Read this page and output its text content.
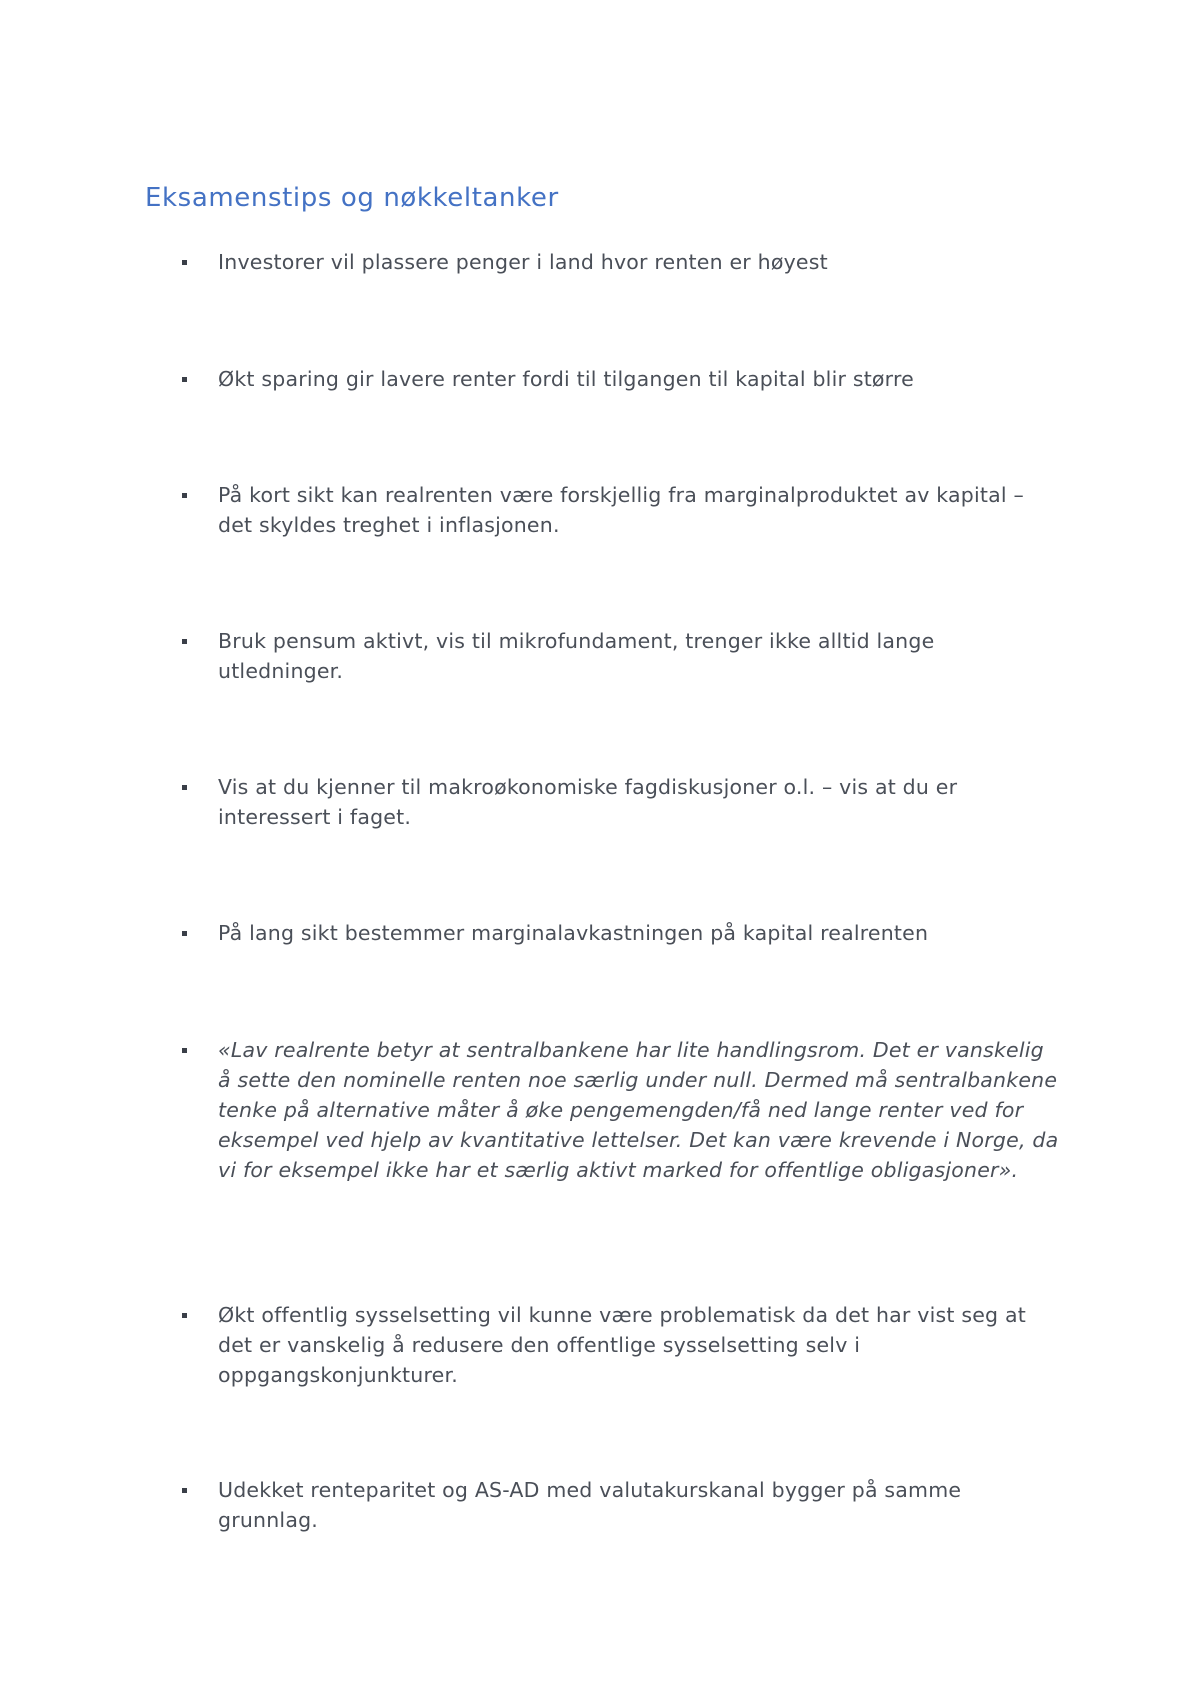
Eksamenstips og nøkkeltanker
Investorer vil plassere penger i land hvor renten er høyest
Økt sparing gir lavere renter fordi til tilgangen til kapital blir større
På kort sikt kan realrenten være forskjellig fra marginalproduktet av kapital – det skyldes treghet i inflasjonen.
Bruk pensum aktivt, vis til mikrofundament, trenger ikke alltid lange utledninger.
Vis at du kjenner til makroøkonomiske fagdiskusjoner o.l. – vis at du er interessert i faget.
På lang sikt bestemmer marginalavkastningen på kapital realrenten
«Lav realrente betyr at sentralbankene har lite handlingsrom. Det er vanskelig å sette den nominelle renten noe særlig under null. Dermed må sentralbankene tenke på alternative måter å øke pengemengden/få ned lange renter ved for eksempel ved hjelp av kvantitative lettelser. Det kan være krevende i Norge, da vi for eksempel ikke har et særlig aktivt marked for offentlige obligasjoner».
Økt offentlig sysselsetting vil kunne være problematisk da det har vist seg at det er vanskelig å redusere den offentlige sysselsetting selv i oppgangskonjunkturer.
Udekket renteparitet og AS-AD med valutakurskanal bygger på samme grunnlag.
